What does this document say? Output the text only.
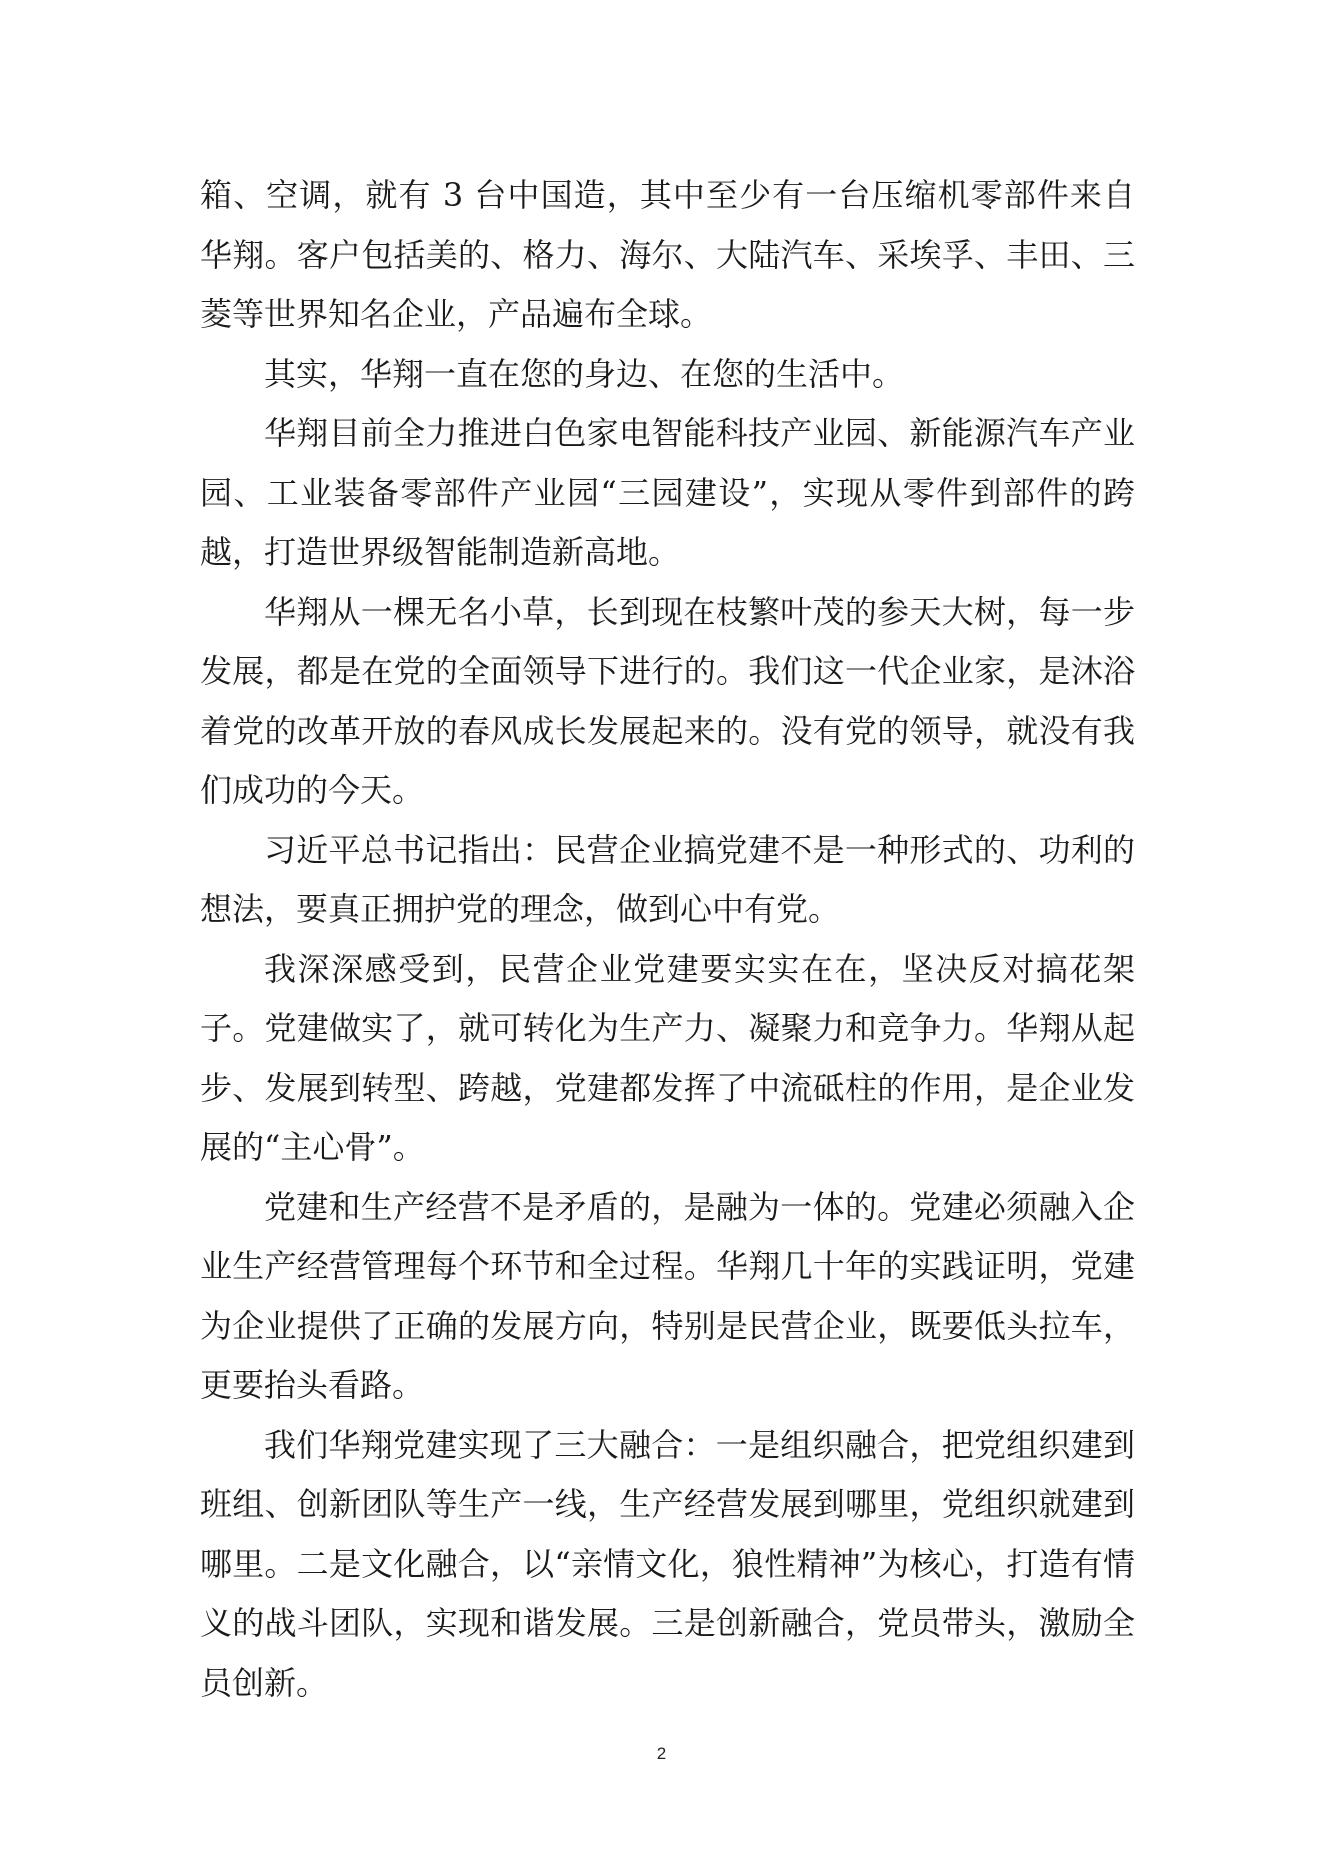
箱、空调，就有 3 台中国造，其中至少有一台压缩机零部件来自华翔。客户包括美的、格力、海尔、大陆汽车、采埃孚、丰田、三菱等世界知名企业，产品遍布全球。
其实，华翔一直在您的身边、在您的生活中。
华翔目前全力推进白色家电智能科技产业园、新能源汽车产业园、工业装备零部件产业园“三园建设”，实现从零件到部件的跨越，打造世界级智能制造新高地。
华翔从一棵无名小草，长到现在枝繁叶茂的参天大树，每一步发展，都是在党的全面领导下进行的。我们这一代企业家，是沐浴着党的改革开放的春风成长发展起来的。没有党的领导，就没有我们成功的今天。
习近平总书记指出：民营企业搞党建不是一种形式的、功利的想法，要真正拥护党的理念，做到心中有党。
我深深感受到，民营企业党建要实实在在，坚决反对搞花架子。党建做实了，就可转化为生产力、凝聚力和竞争力。华翔从起步、发展到转型、跨越，党建都发挥了中流砥柱的作用，是企业发展的“主心骨”。
党建和生产经营不是矛盾的，是融为一体的。党建必须融入企业生产经营管理每个环节和全过程。华翔几十年的实践证明，党建为企业提供了正确的发展方向，特别是民营企业，既要低头拉车，更要抬头看路。
我们华翔党建实现了三大融合：一是组织融合，把党组织建到班组、创新团队等生产一线，生产经营发展到哪里，党组织就建到哪里。二是文化融合，以“亲情文化，狼性精神”为核心，打造有情义的战斗团队，实现和谐发展。三是创新融合，党员带头，激励全员创新。
2
